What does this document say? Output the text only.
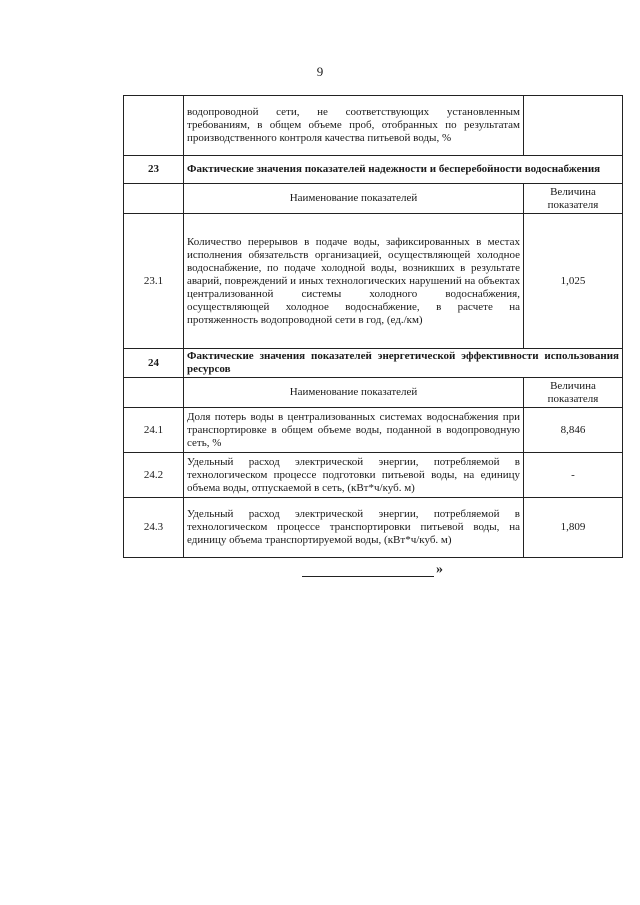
9
	водопроводной сети, не соответствующих установленным требованиям, в общем объеме проб, отобранных по результатам производственного контроля качества питьевой воды, %	
23	Фактические значения показателей надежности и бесперебойности водоснабжения	
	Наименование показателей	Величина показателя
23.1	Количество перерывов в подаче воды, зафиксированных в местах исполнения обязательств организацией, осуществляющей холодное водоснабжение, по подаче холодной воды, возникших в результате аварий, повреждений и иных технологических нарушений на объектах централизованной системы холодного водоснабжения, осуществляющей холодное водоснабжение, в расчете на протяженность водопроводной сети в год, (ед./км)	1,025
24	Фактические значения показателей энергетической эффективности использования ресурсов	
	Наименование показателей	Величина показателя
24.1	Доля потерь воды в централизованных системах водоснабжения при транспортировке в общем объеме воды, поданной в водопроводную сеть, %	8,846
24.2	Удельный расход электрической энергии, потребляемой в технологическом процессе подготовки питьевой воды, на единицу объема воды, отпускаемой в сеть, (кВт*ч/куб. м)	-
24.3	Удельный расход электрической энергии, потребляемой в технологическом процессе транспортировки питьевой воды, на единицу объема транспортируемой воды, (кВт*ч/куб. м)	1,809
»
